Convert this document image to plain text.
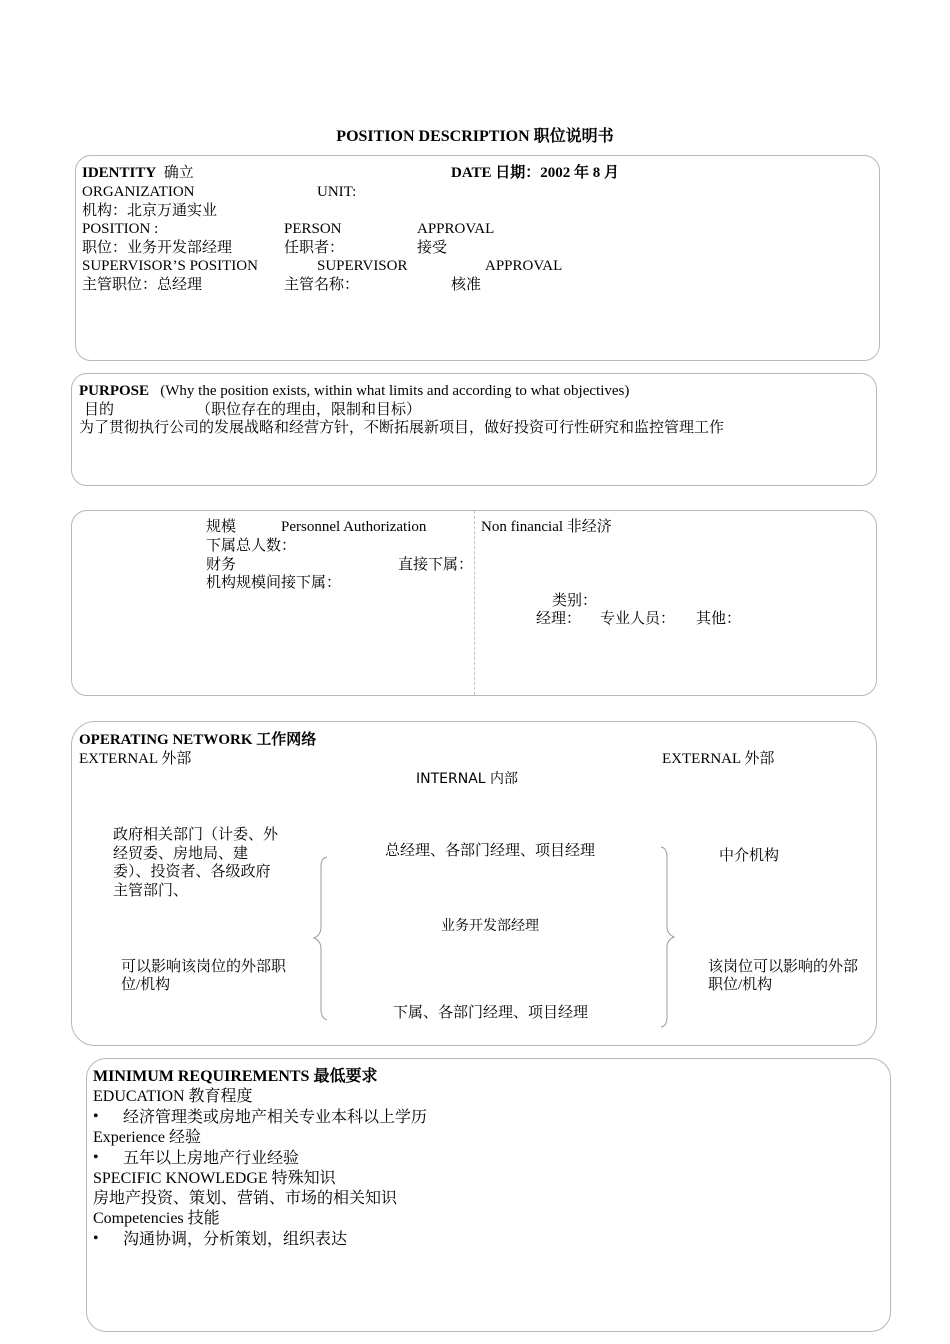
POSITION DESCRIPTION 职位说明书
IDENTITY 确立	DATE 日期：2002 年 8 月
ORGANIZATION	UNIT:
机构：北京万通实业
POSITION :	PERSON	APPROVAL
职位：业务开发部经理	任职者：	接受
SUPERVISOR’S POSITION	SUPERVISOR	APPROVAL
主管职位：总经理	主管名称：	核准
PURPOSE (Why the position exists, within what limits and according to what objectives)
目的	（职位存在的理由，限制和目标）
为了贯彻执行公司的发展战略和经营方针，不断拓展新项目，做好投资可行性研究和监控管理工作
规模	Personnel Authorization	Non financial 非经济
下属总人数：
财务	直接下属：
机构规模间接下属：
类别：
经理： 专业人员： 其他：
OPERATING NETWORK 工作网络
EXTERNAL 外部	EXTERNAL 外部
INTERNAL 内部
政府相关部门（计委、外经贸委、房地局、建委）、投资者、各级政府主管部门、
总经理、各部门经理、项目经理	中介机构
业务开发部经理
可以影响该岗位的外部职位/机构
该岗位可以影响的外部职位/机构
下属、各部门经理、项目经理
MINIMUM REQUIREMENTS 最低要求
EDUCATION 教育程度
• 经济管理类或房地产相关专业本科以上学历
Experience 经验
• 五年以上房地产行业经验
SPECIFIC KNOWLEDGE 特殊知识
房地产投资、策划、营销、市场的相关知识
Competencies 技能
• 沟通协调，分析策划，组织表达
